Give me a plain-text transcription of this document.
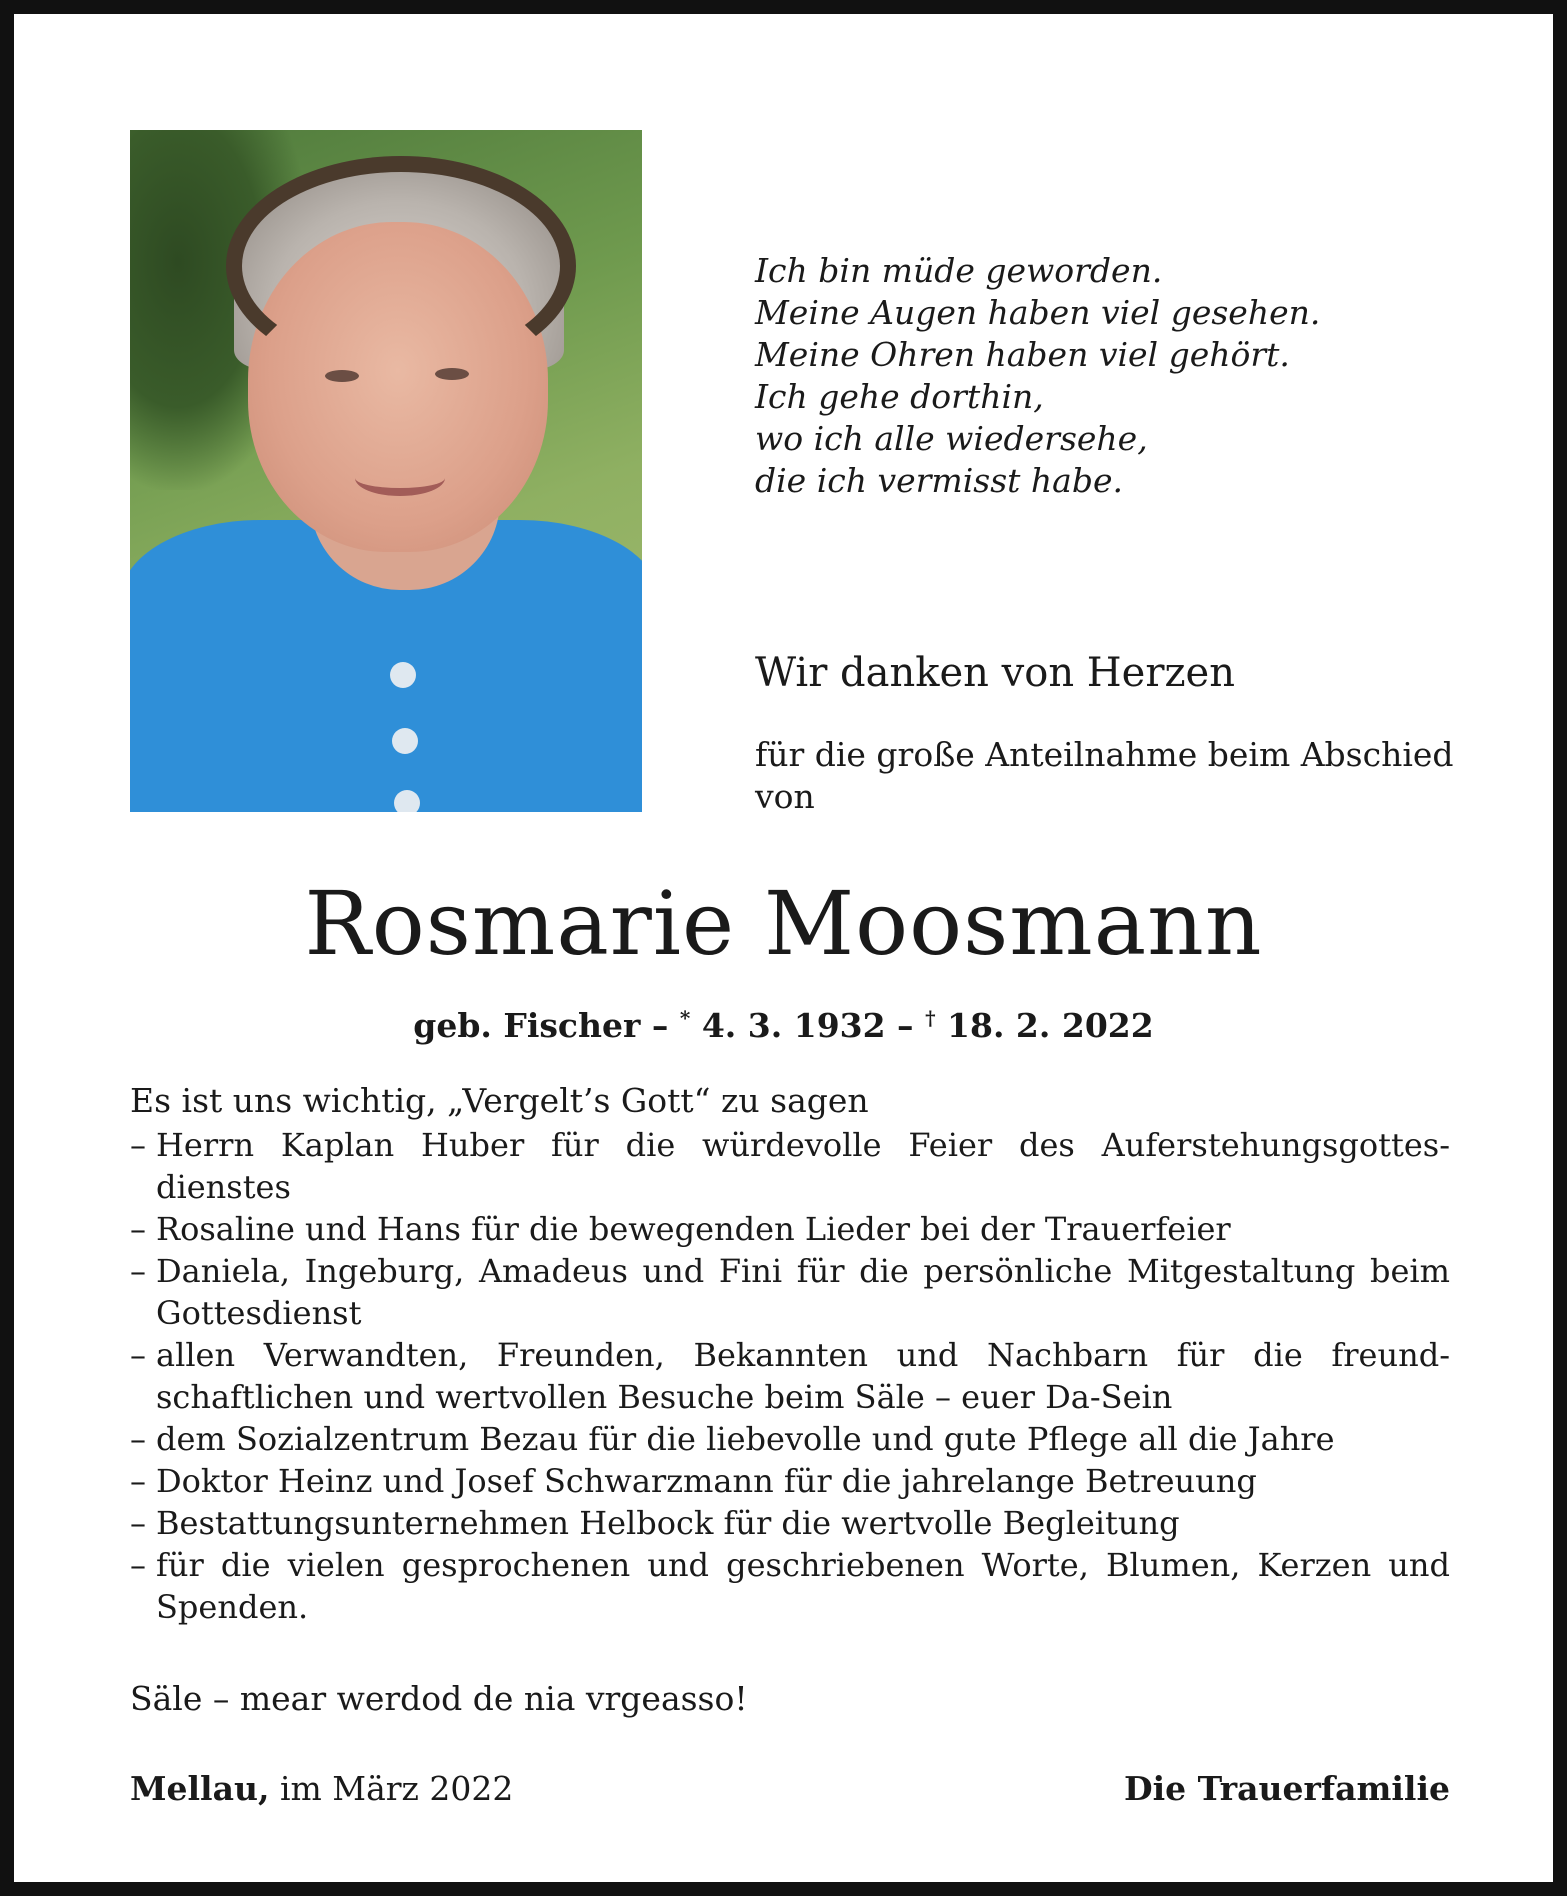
Ich bin müde geworden.
Meine Augen haben viel gesehen.
Meine Ohren haben viel gehört.
Ich gehe dorthin,
wo ich alle wiedersehe,
die ich vermisst habe.
Wir danken von Herzen
für die große Anteilnahme beim Abschied von
Rosmarie Moosmann
geb. Fischer – * 4. 3. 1932 – † 18. 2. 2022
Es ist uns wichtig, „Vergelt’s Gott“ zu sagen
– Herrn Kaplan Huber für die würdevolle Feier des Auferstehungsgottes-dienstes
– Rosaline und Hans für die bewegenden Lieder bei der Trauerfeier
– Daniela, Ingeburg, Amadeus und Fini für die persönliche Mitgestaltung beim Gottesdienst
– allen Verwandten, Freunden, Bekannten und Nachbarn für die freund-schaftlichen und wertvollen Besuche beim Säle – euer Da-Sein
– dem Sozialzentrum Bezau für die liebevolle und gute Pflege all die Jahre
– Doktor Heinz und Josef Schwarzmann für die jahrelange Betreuung
– Bestattungsunternehmen Helbock für die wertvolle Begleitung
– für die vielen gesprochenen und geschriebenen Worte, Blumen, Kerzen und Spenden.
Säle – mear werdod de nia vrgeasso!
Mellau, im März 2022	Die Trauerfamilie
